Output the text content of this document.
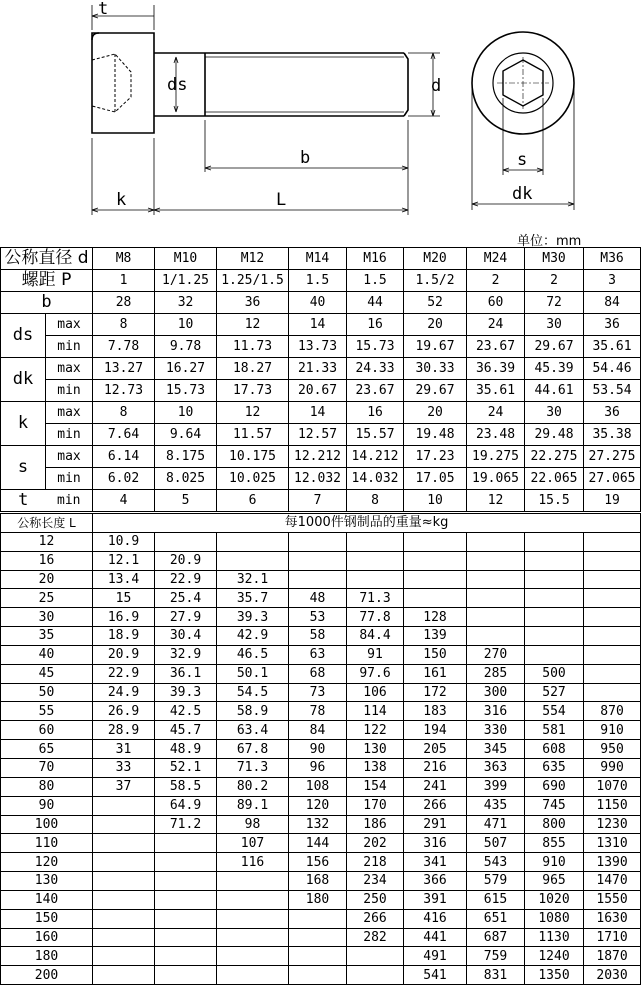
t
ds	d
b
k	L
s
dk
单位：mm
公称直径 d		M8	M10	M12	M14	M16	M20	M24	M30	M36
螺距 P		1	1/1.25	1.25/1.5	1.5	1.5	1.5/2	2	2	3
b		28	32	36	40	44	52	60	72	84
ds	max	8	10	12	14	16	20	24	30	36
	min	7.78	9.78	11.73	13.73	15.73	19.67	23.67	29.67	35.61
dk	max	13.27	16.27	18.27	21.33	24.33	30.33	36.39	45.39	54.46
	min	12.73	15.73	17.73	20.67	23.67	29.67	35.61	44.61	53.54
k	max	8	10	12	14	16	20	24	30	36
	min	7.64	9.64	11.57	12.57	15.57	19.48	23.48	29.48	35.38
s	max	6.14	8.175	10.175	12.212	14.212	17.23	19.275	22.275	27.275
	min	6.02	8.025	10.025	12.032	14.032	17.05	19.065	22.065	27.065
t	min	4	5	6	7	8	10	12	15.5	19
公称长度 L	每1000件钢制品的重量≈kg								
12	10.9								
16	12.1	20.9							
20	13.4	22.9	32.1						
25	15	25.4	35.7	48	71.3				
30	16.9	27.9	39.3	53	77.8	128			
35	18.9	30.4	42.9	58	84.4	139			
40	20.9	32.9	46.5	63	91	150	270		
45	22.9	36.1	50.1	68	97.6	161	285	500	
50	24.9	39.3	54.5	73	106	172	300	527	
55	26.9	42.5	58.9	78	114	183	316	554	870
60	28.9	45.7	63.4	84	122	194	330	581	910
65	31	48.9	67.8	90	130	205	345	608	950
70	33	52.1	71.3	96	138	216	363	635	990
80	37	58.5	80.2	108	154	241	399	690	1070
90		64.9	89.1	120	170	266	435	745	1150
100		71.2	98	132	186	291	471	800	1230
110			107	144	202	316	507	855	1310
120			116	156	218	341	543	910	1390
130				168	234	366	579	965	1470
140				180	250	391	615	1020	1550
150					266	416	651	1080	1630
160					282	441	687	1130	1710
180						491	759	1240	1870
200						541	831	1350	2030
